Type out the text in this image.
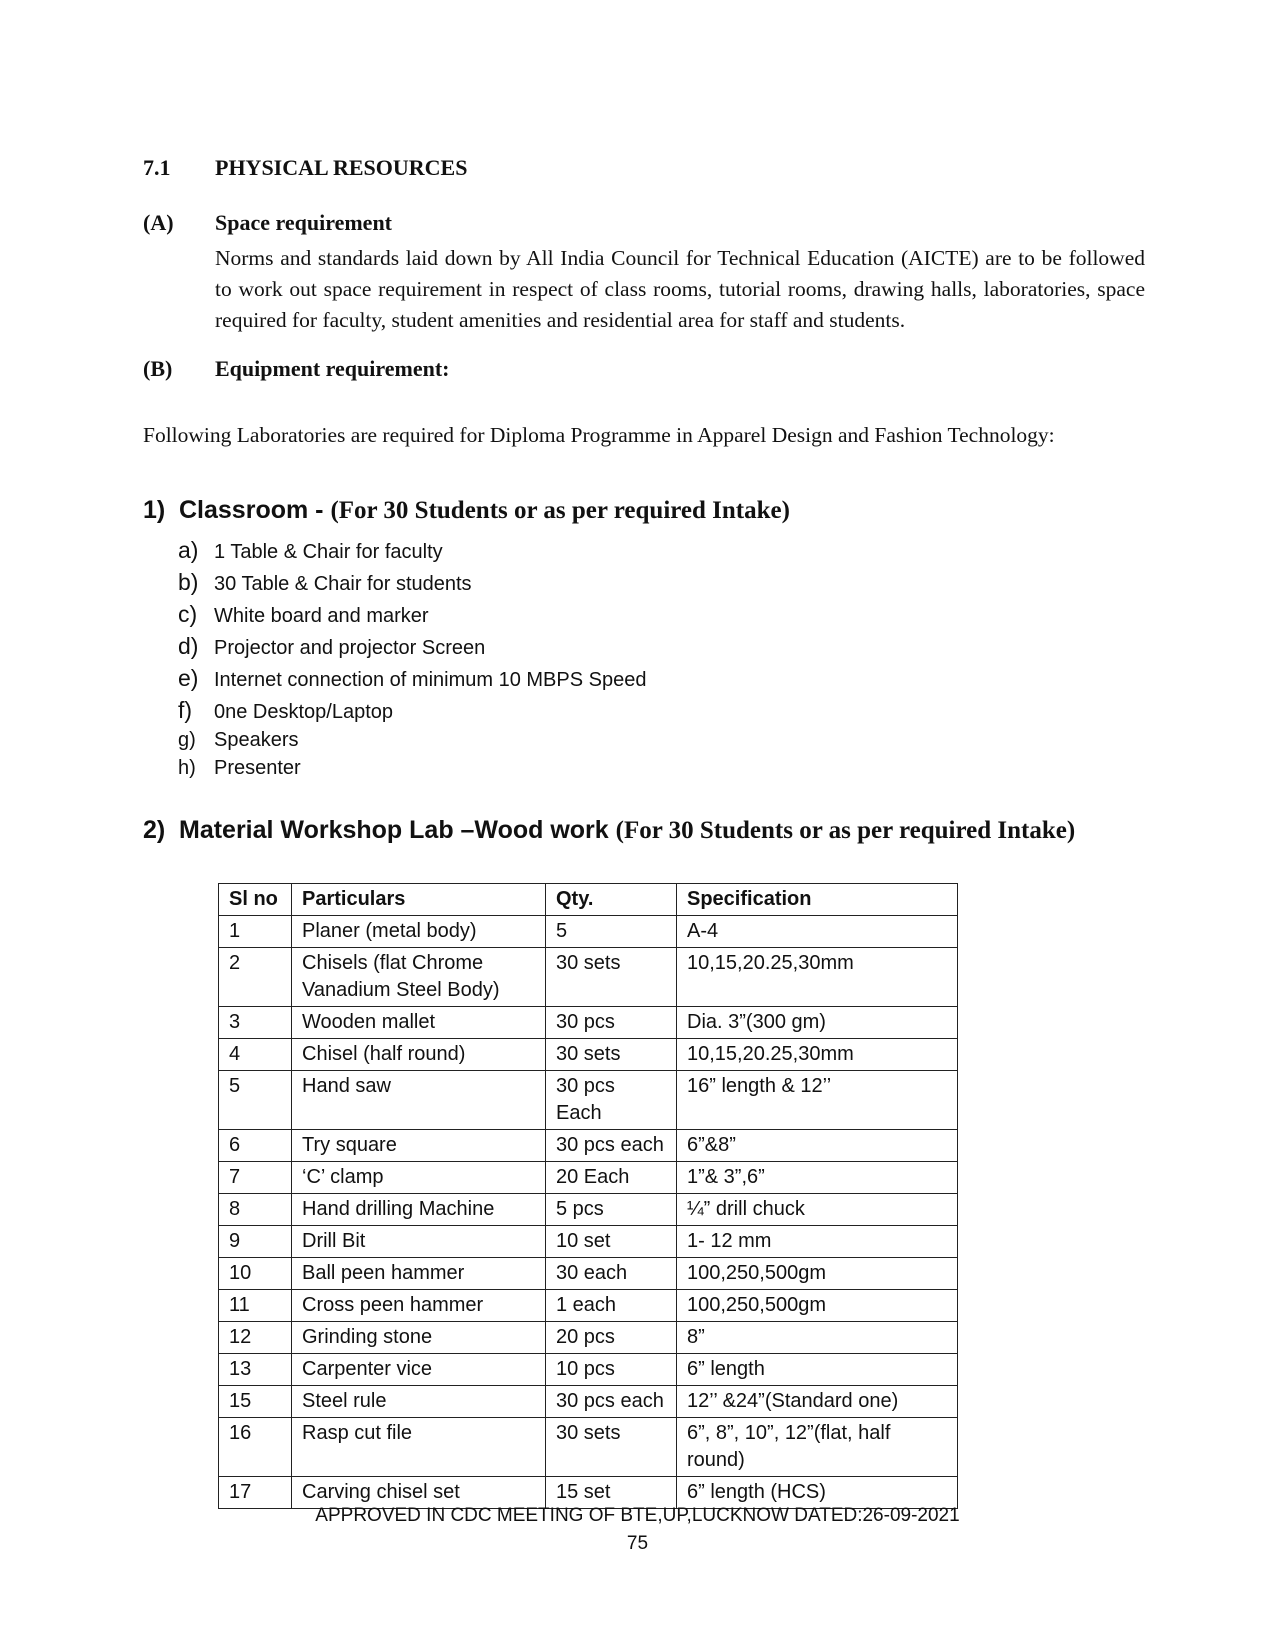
7.1 PHYSICAL RESOURCES
(A) Space requirement
Norms and standards laid down by All India Council for Technical Education (AICTE) are to be followed to work out space requirement in respect of class rooms, tutorial rooms, drawing halls, laboratories, space required for faculty, student amenities and residential area for staff and students.
(B) Equipment requirement:
Following Laboratories are required for Diploma Programme in Apparel Design and Fashion Technology:
1) Classroom - (For 30 Students or as per required Intake)
a) 1 Table & Chair for faculty
b) 30 Table & Chair for students
c) White board and marker
d) Projector and projector Screen
e) Internet connection of minimum 10 MBPS Speed
f)	0ne Desktop/Laptop
g) Speakers
h) Presenter
2) Material Workshop Lab –Wood work (For 30 Students or as per required Intake)
Sl no	Particulars	Qty.	Specification
1	Planer (metal body)	5	A-4
2	Chisels (flat Chrome Vanadium Steel Body)	30 sets	10,15,20.25,30mm
3	Wooden mallet	30 pcs	Dia. 3”(300 gm)
4	Chisel (half round)	30 sets	10,15,20.25,30mm
5	Hand saw	30 pcs Each	16” length & 12’’
6	Try square	30 pcs each	6”&8”
7	‘C’ clamp	20 Each	1”& 3”,6”
8	Hand drilling Machine	5 pcs	¼” drill chuck
9	Drill Bit	10 set	1- 12 mm
10	Ball peen hammer	30 each	100,250,500gm
11	Cross peen hammer	1 each	100,250,500gm
12	Grinding stone	20 pcs	8”
13	Carpenter vice	10 pcs	6” length
15	Steel rule	30 pcs each	12’’ &24”(Standard one)
16	Rasp cut file	30 sets	6”, 8”, 10”, 12”(flat, half round)
17	Carving chisel set	15 set	6” length (HCS)
APPROVED IN CDC MEETING OF BTE,UP,LUCKNOW DATED:26-09-2021
75
